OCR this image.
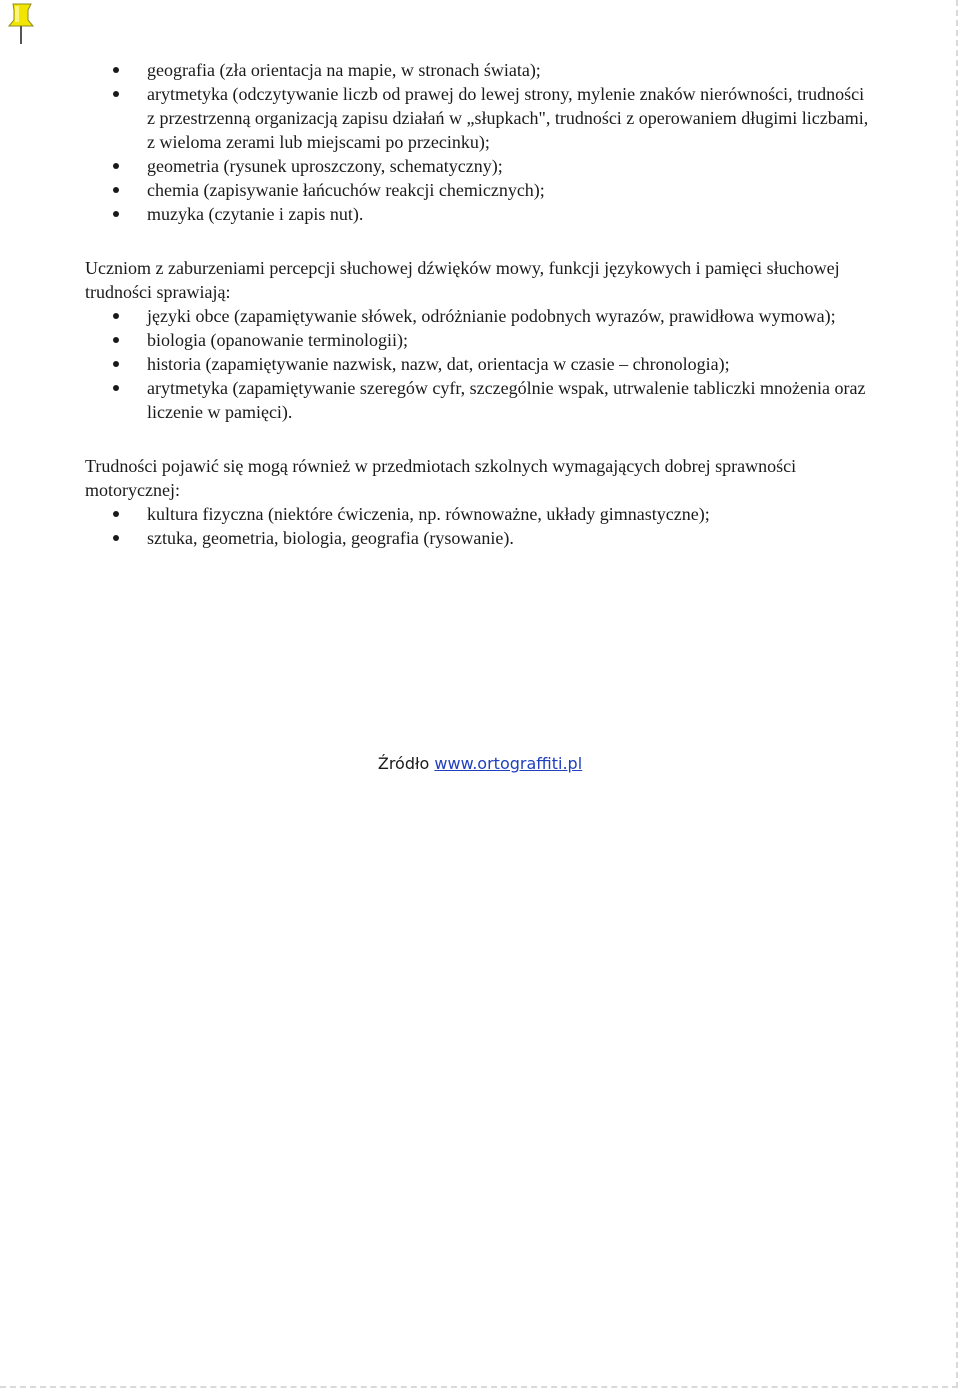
geografia (zła orientacja na mapie, w stronach świata);
arytmetyka (odczytywanie liczb od prawej do lewej strony, mylenie znaków nierówności, trudności z przestrzenną organizacją zapisu działań w „słupkach", trudności z operowaniem długimi liczbami, z wieloma zerami lub miejscami po przecinku);
geometria (rysunek uproszczony, schematyczny);
chemia (zapisywanie łańcuchów reakcji chemicznych);
muzyka (czytanie i zapis nut).

Uczniom z zaburzeniami percepcji słuchowej dźwięków mowy, funkcji językowych i pamięci słuchowej trudności sprawiają:

języki obce (zapamiętywanie słówek, odróżnianie podobnych wyrazów, prawidłowa wymowa);
biologia (opanowanie terminologii);
historia (zapamiętywanie nazwisk, nazw, dat, orientacja w czasie – chronologia);
arytmetyka (zapamiętywanie szeregów cyfr, szczególnie wspak, utrwalenie tabliczki mnożenia oraz liczenie w pamięci).

Trudności pojawić się mogą również w przedmiotach szkolnych wymagających dobrej sprawności motorycznej:

kultura fizyczna (niektóre ćwiczenia, np. równoważne, układy gimnastyczne);
sztuka, geometria, biologia, geografia (rysowanie).
Źródło www.ortograffiti.pl
